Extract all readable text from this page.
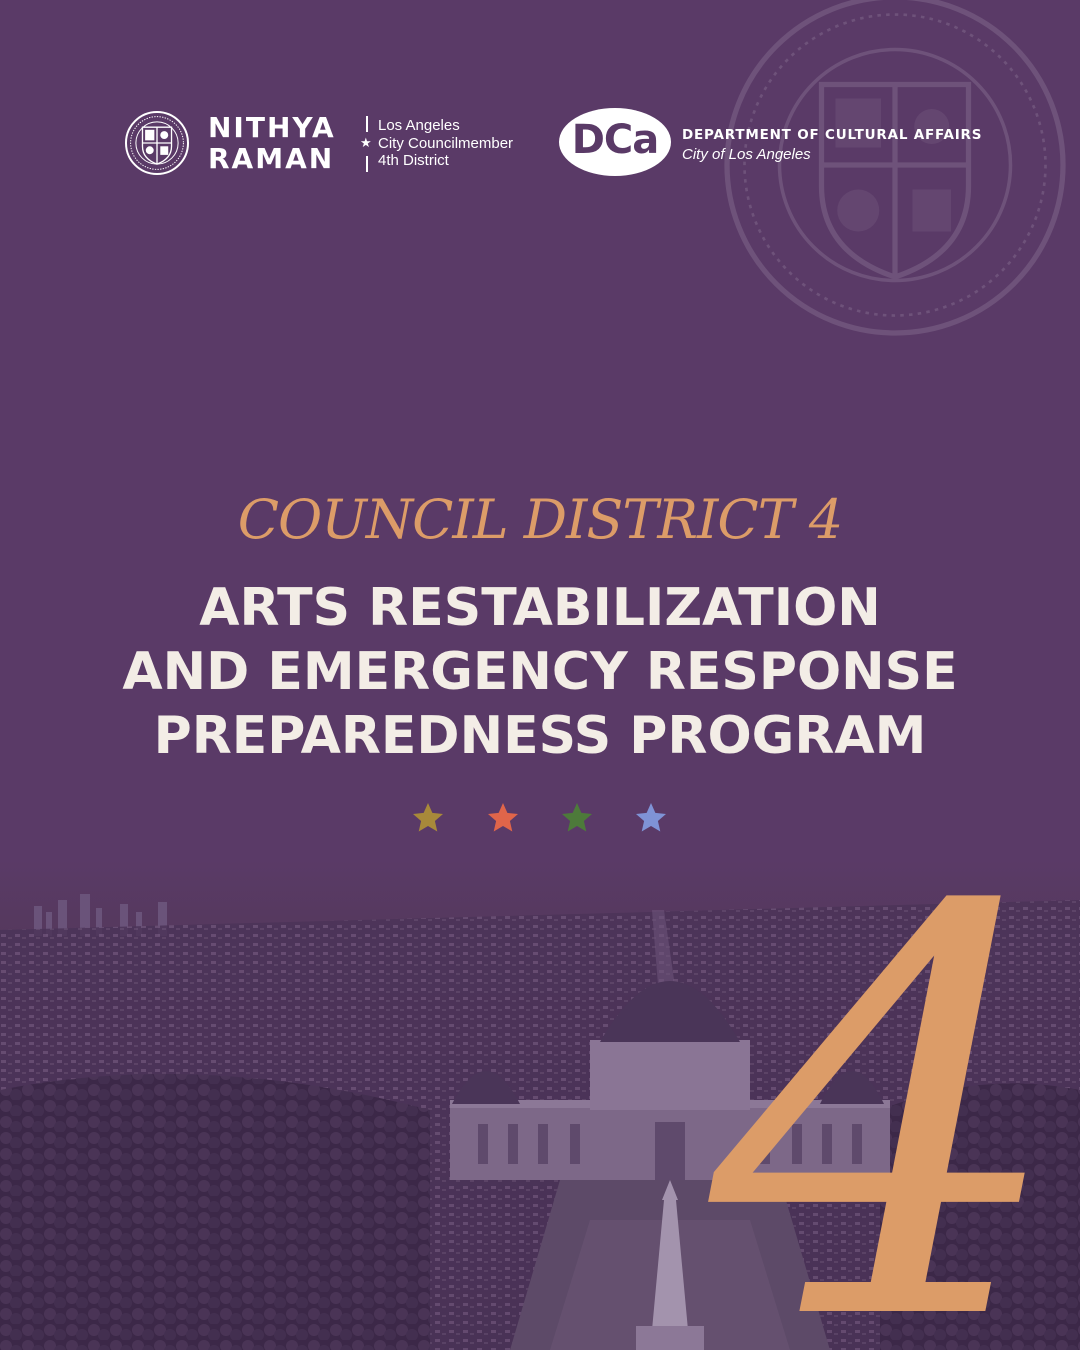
NITHYA
RAMAN ★
Los Angeles
City Councilmember
4th District	DCa DEPARTMENT OF CULTURAL AFFAIRS
City of Los Angeles
COUNCIL DISTRICT 4
ARTS RESTABILIZATION
AND EMERGENCY RESPONSE
PREPAREDNESS PROGRAM
4
